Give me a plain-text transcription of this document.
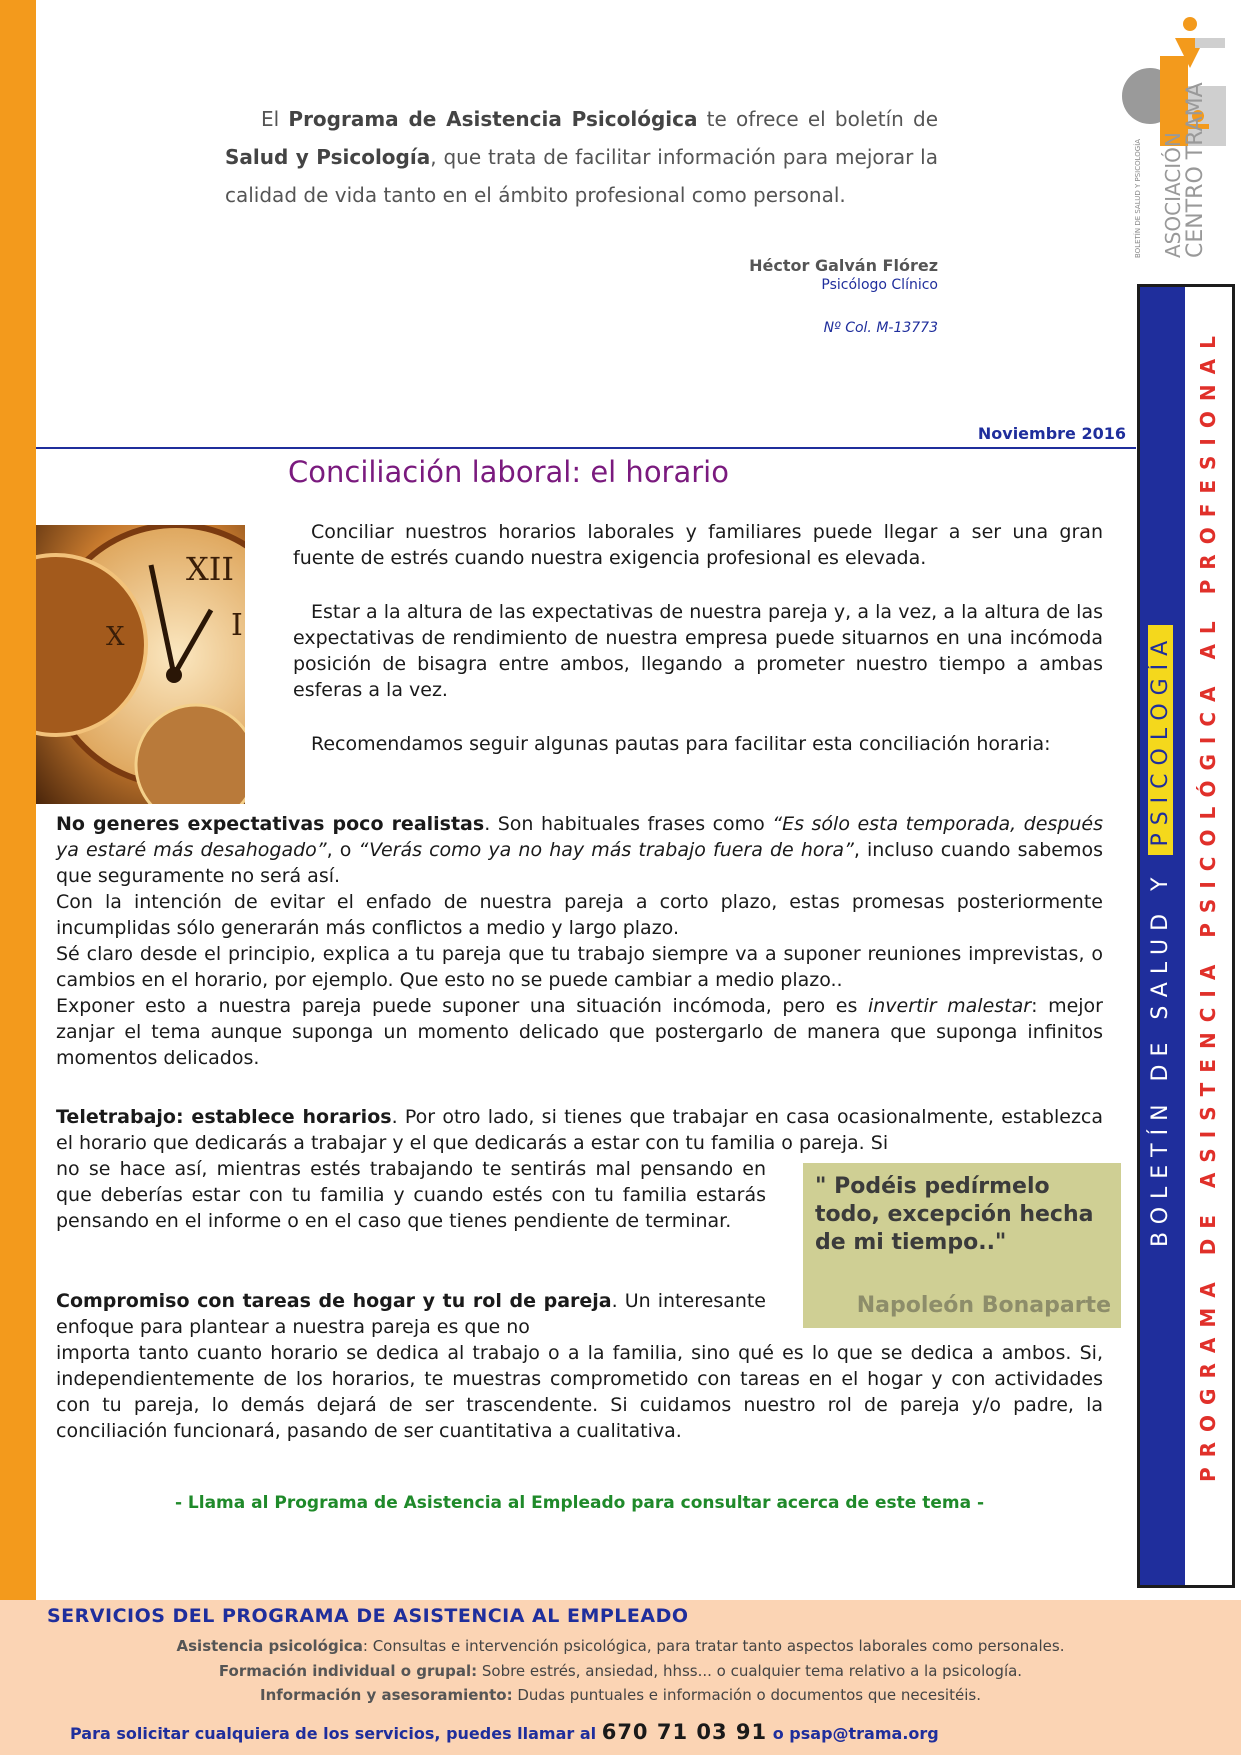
El Programa de Asistencia Psicológica te ofrece el boletín de Salud y Psicología, que trata de facilitar información para mejorar la calidad de vida tanto en el ámbito profesional como personal.

Héctor Galván Flórez
Psicólogo Clínico
Nº Col. M-13773
ASOCIACIÓN
CENTRO TRAMA
BOLETÍN DE SALUD Y PSICOLOGÍA
BOLETÍN DE SALUD Y PSICOLOGÍA PROGRAMA DE ASISTENCIA PSICOLÓGICA AL PROFESIONAL
Noviembre 2016
Conciliación laboral: el horario
XII
I
X
Conciliar nuestros horarios laborales y familiares puede llegar a ser una gran fuente de estrés cuando nuestra exigencia profesional es elevada.
Estar a la altura de las expectativas de nuestra pareja y, a la vez, a la altura de las expectativas de rendimiento de nuestra empresa puede situarnos en una incómoda posición de bisagra entre ambos, llegando a prometer nuestro tiempo a ambas esferas a la vez.
Recomendamos seguir algunas pautas para facilitar esta conciliación horaria:

No generes expectativas poco realistas. Son habituales frases como “Es sólo esta temporada, después ya estaré más desahogado”, o “Verás como ya no hay más trabajo fuera de hora”, incluso cuando sabemos que seguramente no será así.

Con la intención de evitar el enfado de nuestra pareja a corto plazo, estas promesas posteriormente incumplidas sólo generarán más conflictos a medio y largo plazo.

Sé claro desde el principio, explica a tu pareja que tu trabajo siempre va a suponer reuniones imprevistas, o cambios en el horario, por ejemplo. Que esto no se puede cambiar a medio plazo..

Exponer esto a nuestra pareja puede suponer una situación incómoda, pero es invertir malestar: mejor zanjar el tema aunque suponga un momento delicado que postergarlo de manera que suponga infinitos momentos delicados.

Teletrabajo: establece horarios. Por otro lado, si tienes que trabajar en casa ocasionalmente, establezca el horario que dedicarás a trabajar y el que dedicarás a estar con tu familia o pareja. Si

no se hace así, mientras estés trabajando te sentirás mal pensando en que deberías estar con tu familia y cuando estés con tu familia estarás pensando en el informe o en el caso que tienes pendiente de terminar.

Compromiso con tareas de hogar y tu rol de pareja. Un interesante enfoque para plantear a nuestra pareja es que no

importa tanto cuanto horario se dedica al trabajo o a la familia, sino qué es lo que se dedica a ambos. Si, independientemente de los horarios, te muestras comprometido con tareas en el hogar y con actividades con tu pareja, lo demás dejará de ser trascendente. Si cuidamos nuestro rol de pareja y/o padre, la conciliación funcionará, pasando de ser cuantitativa a cualitativa.
" Podéis pedírmelo todo, excepción hecha de mi tiempo.."
Napoleón Bonaparte
- Llama al Programa de Asistencia al Empleado para consultar acerca de este tema -
SERVICIOS DEL PROGRAMA DE ASISTENCIA AL EMPLEADO
Asistencia psicológica: Consultas e intervención psicológica, para tratar tanto aspectos laborales como personales.
Formación individual o grupal: Sobre estrés, ansiedad, hhss... o cualquier tema relativo a la psicología.
Información y asesoramiento: Dudas puntuales e información o documentos que necesitéis.
Para solicitar cualquiera de los servicios, puedes llamar al 670 71 03 91 o psap@trama.org
